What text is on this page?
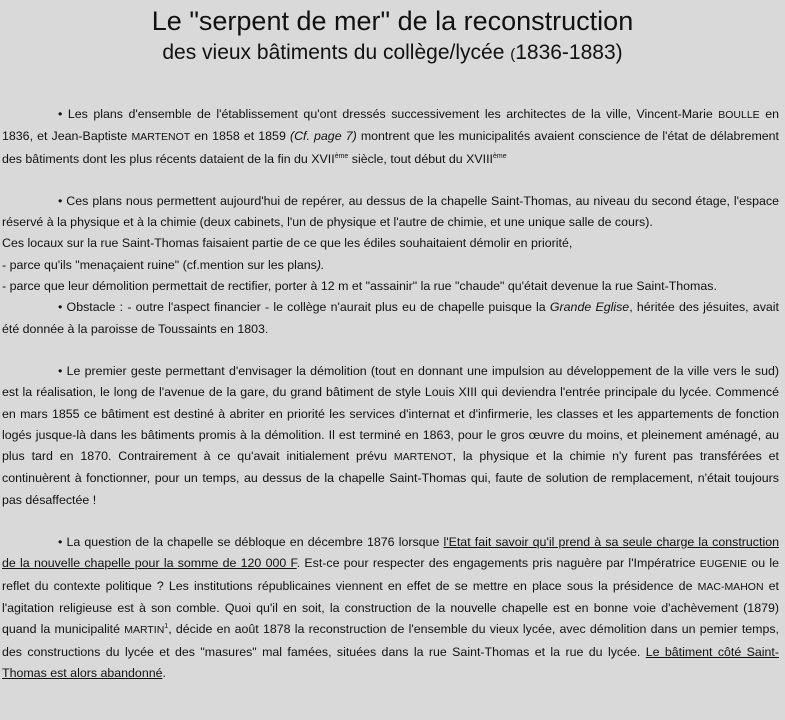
Le "serpent de mer" de la reconstruction
des vieux bâtiments du collège/lycée (1836-1883)

• Les plans d'ensemble de l'établissement qu'ont dressés successivement les architectes de la ville, Vincent-Marie BOULLE en 1836, et Jean-Baptiste MARTENOT en 1858 et 1859 (Cf. page 7) montrent que les municipalités avaient conscience de l'état de délabrement des bâtiments dont les plus récents dataient de la fin du XVIIème siècle, tout début du XVIIIème

• Ces plans nous permettent aujourd'hui de repérer, au dessus de la chapelle Saint-Thomas, au niveau du second étage, l'espace réservé à la physique et à la chimie (deux cabinets, l'un de physique et l'autre de chimie, et une unique salle de cours).

Ces locaux sur la rue Saint-Thomas faisaient partie de ce que les édiles souhaitaient démolir en priorité,

- parce qu'ils "menaçaient ruine" (cf.mention sur les plans).

- parce que leur démolition permettait de rectifier, porter à 12 m et "assainir" la rue "chaude" qu'était devenue la rue Saint-Thomas.

• Obstacle : - outre l'aspect financier - le collège n'aurait plus eu de chapelle puisque la Grande Eglise, héritée des jésuites, avait été donnée à la paroisse de Toussaints en 1803.

• Le premier geste permettant d'envisager la démolition (tout en donnant une impulsion au développement de la ville vers le sud) est la réalisation, le long de l'avenue de la gare, du grand bâtiment de style Louis XIII qui deviendra l'entrée principale du lycée. Commencé en mars 1855 ce bâtiment est destiné à abriter en priorité les services d'internat et d'infirmerie, les classes et les appartements de fonction logés jusque-là dans les bâtiments promis à la démolition. Il est terminé en 1863, pour le gros œuvre du moins, et pleinement aménagé, au plus tard en 1870. Contrairement à ce qu'avait initialement prévu MARTENOT, la physique et la chimie n'y furent pas transférées et continuèrent à fonctionner, pour un temps, au dessus de la chapelle Saint-Thomas qui, faute de solution de remplacement, n'était toujours pas désaffectée !

• La question de la chapelle se débloque en décembre 1876 lorsque l'Etat fait savoir qu'il prend à sa seule charge la construction de la nouvelle chapelle pour la somme de 120 000 F. Est-ce pour respecter des engagements pris naguère par l'Impératrice EUGENIE ou le reflet du contexte politique ? Les institutions républicaines viennent en effet de se mettre en place sous la présidence de MAC-MAHON et l'agitation religieuse est à son comble. Quoi qu'il en soit, la construction de la nouvelle chapelle est en bonne voie d'achèvement (1879) quand la municipalité MARTIN$^1$, décide en août 1878 la reconstruction de l'ensemble du vieux lycée, avec démolition dans un pemier temps, des constructions du lycée et des "masures" mal famées, situées dans la rue Saint-Thomas et la rue du lycée. Le bâtiment côté Saint-Thomas est alors abandonné.
